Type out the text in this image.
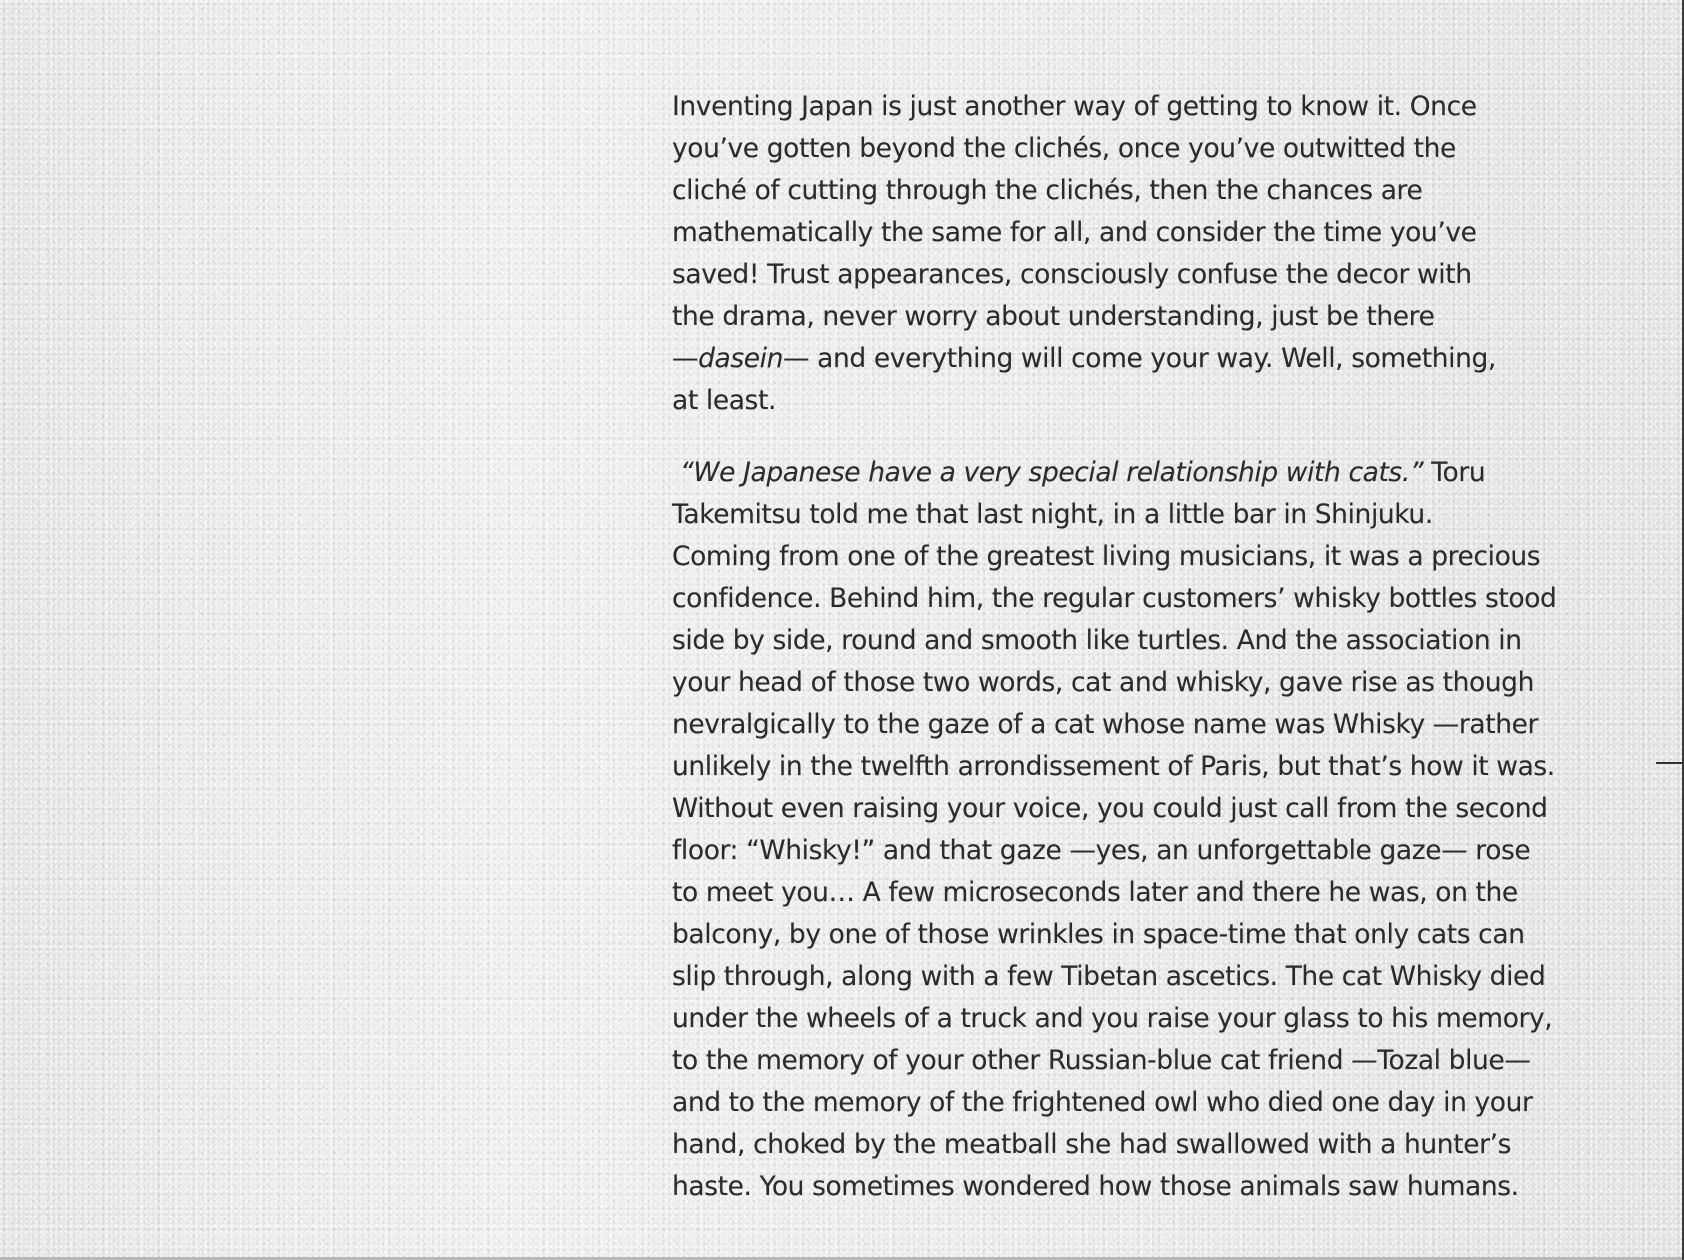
Inventing Japan is just another way of getting to know it. Once
you’ve gotten beyond the clichés, once you’ve outwitted the
cliché of cutting through the clichés, then the chances are
mathematically the same for all, and consider the time you’ve
saved! Trust appearances, consciously confuse the decor with
the drama, never worry about understanding, just be there
—dasein— and everything will come your way. Well, something,
at least.
“We Japanese have a very special relationship with cats.” Toru
Takemitsu told me that last night, in a little bar in Shinjuku.
Coming from one of the greatest living musicians, it was a precious
confidence. Behind him, the regular customers’ whisky bottles stood
side by side, round and smooth like turtles. And the association in
your head of those two words, cat and whisky, gave rise as though
nevralgically to the gaze of a cat whose name was Whisky —rather
unlikely in the twelfth arrondissement of Paris, but that’s how it was.
Without even raising your voice, you could just call from the second
floor: “Whisky!” and that gaze —yes, an unforgettable gaze— rose
to meet you… A few microseconds later and there he was, on the
balcony, by one of those wrinkles in space-time that only cats can
slip through, along with a few Tibetan ascetics. The cat Whisky died
under the wheels of a truck and you raise your glass to his memory,
to the memory of your other Russian-blue cat friend —Tozal blue—
and to the memory of the frightened owl who died one day in your
hand, choked by the meatball she had swallowed with a hunter’s
haste. You sometimes wondered how those animals saw humans.
